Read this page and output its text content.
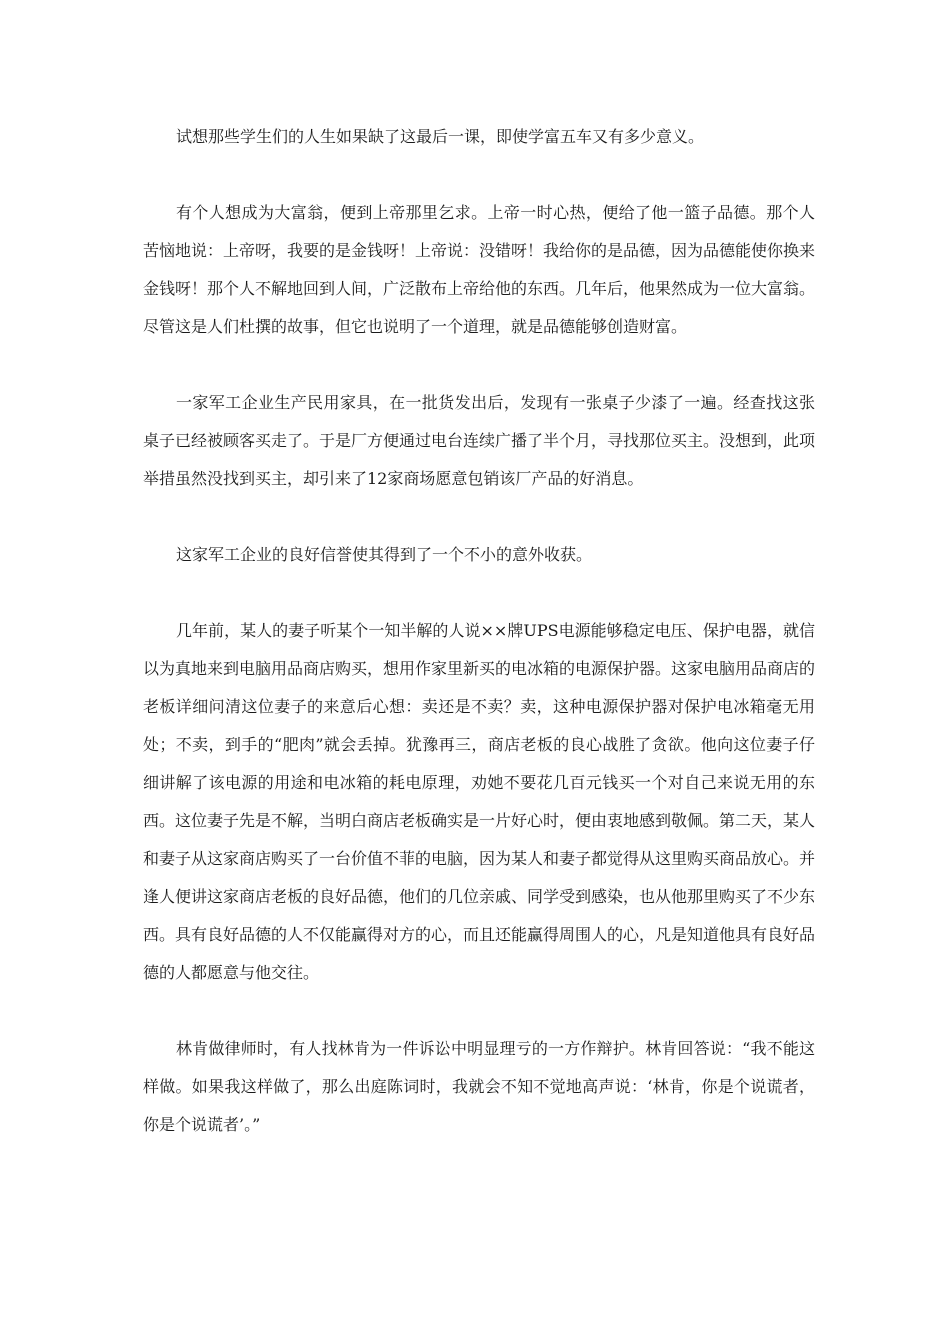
试想那些学生们的人生如果缺了这最后一课，即使学富五车又有多少意义。

有个人想成为大富翁，便到上帝那里乞求。上帝一时心热，便给了他一篮子品德。那个人苦恼地说：上帝呀，我要的是金钱呀！上帝说：没错呀！我给你的是品德，因为品德能使你换来金钱呀！那个人不解地回到人间，广泛散布上帝给他的东西。几年后，他果然成为一位大富翁。尽管这是人们杜撰的故事，但它也说明了一个道理，就是品德能够创造财富。

一家军工企业生产民用家具，在一批货发出后，发现有一张桌子少漆了一遍。经查找这张桌子已经被顾客买走了。于是厂方便通过电台连续广播了半个月，寻找那位买主。没想到，此项举措虽然没找到买主，却引来了12家商场愿意包销该厂产品的好消息。

这家军工企业的良好信誉使其得到了一个不小的意外收获。

几年前，某人的妻子听某个一知半解的人说××牌UPS电源能够稳定电压、保护电器，就信以为真地来到电脑用品商店购买，想用作家里新买的电冰箱的电源保护器。这家电脑用品商店的老板详细问清这位妻子的来意后心想：卖还是不卖？卖，这种电源保护器对保护电冰箱毫无用处；不卖，到手的“肥肉”就会丢掉。犹豫再三，商店老板的良心战胜了贪欲。他向这位妻子仔细讲解了该电源的用途和电冰箱的耗电原理，劝她不要花几百元钱买一个对自己来说无用的东西。这位妻子先是不解，当明白商店老板确实是一片好心时，便由衷地感到敬佩。第二天，某人和妻子从这家商店购买了一台价值不菲的电脑，因为某人和妻子都觉得从这里购买商品放心。并逢人便讲这家商店老板的良好品德，他们的几位亲戚、同学受到感染，也从他那里购买了不少东西。具有良好品德的人不仅能赢得对方的心，而且还能赢得周围人的心，凡是知道他具有良好品德的人都愿意与他交往。

林肯做律师时，有人找林肯为一件诉讼中明显理亏的一方作辩护。林肯回答说：“我不能这样做。如果我这样做了，那么出庭陈词时，我就会不知不觉地高声说：‘林肯，你是个说谎者，你是个说谎者’。”
